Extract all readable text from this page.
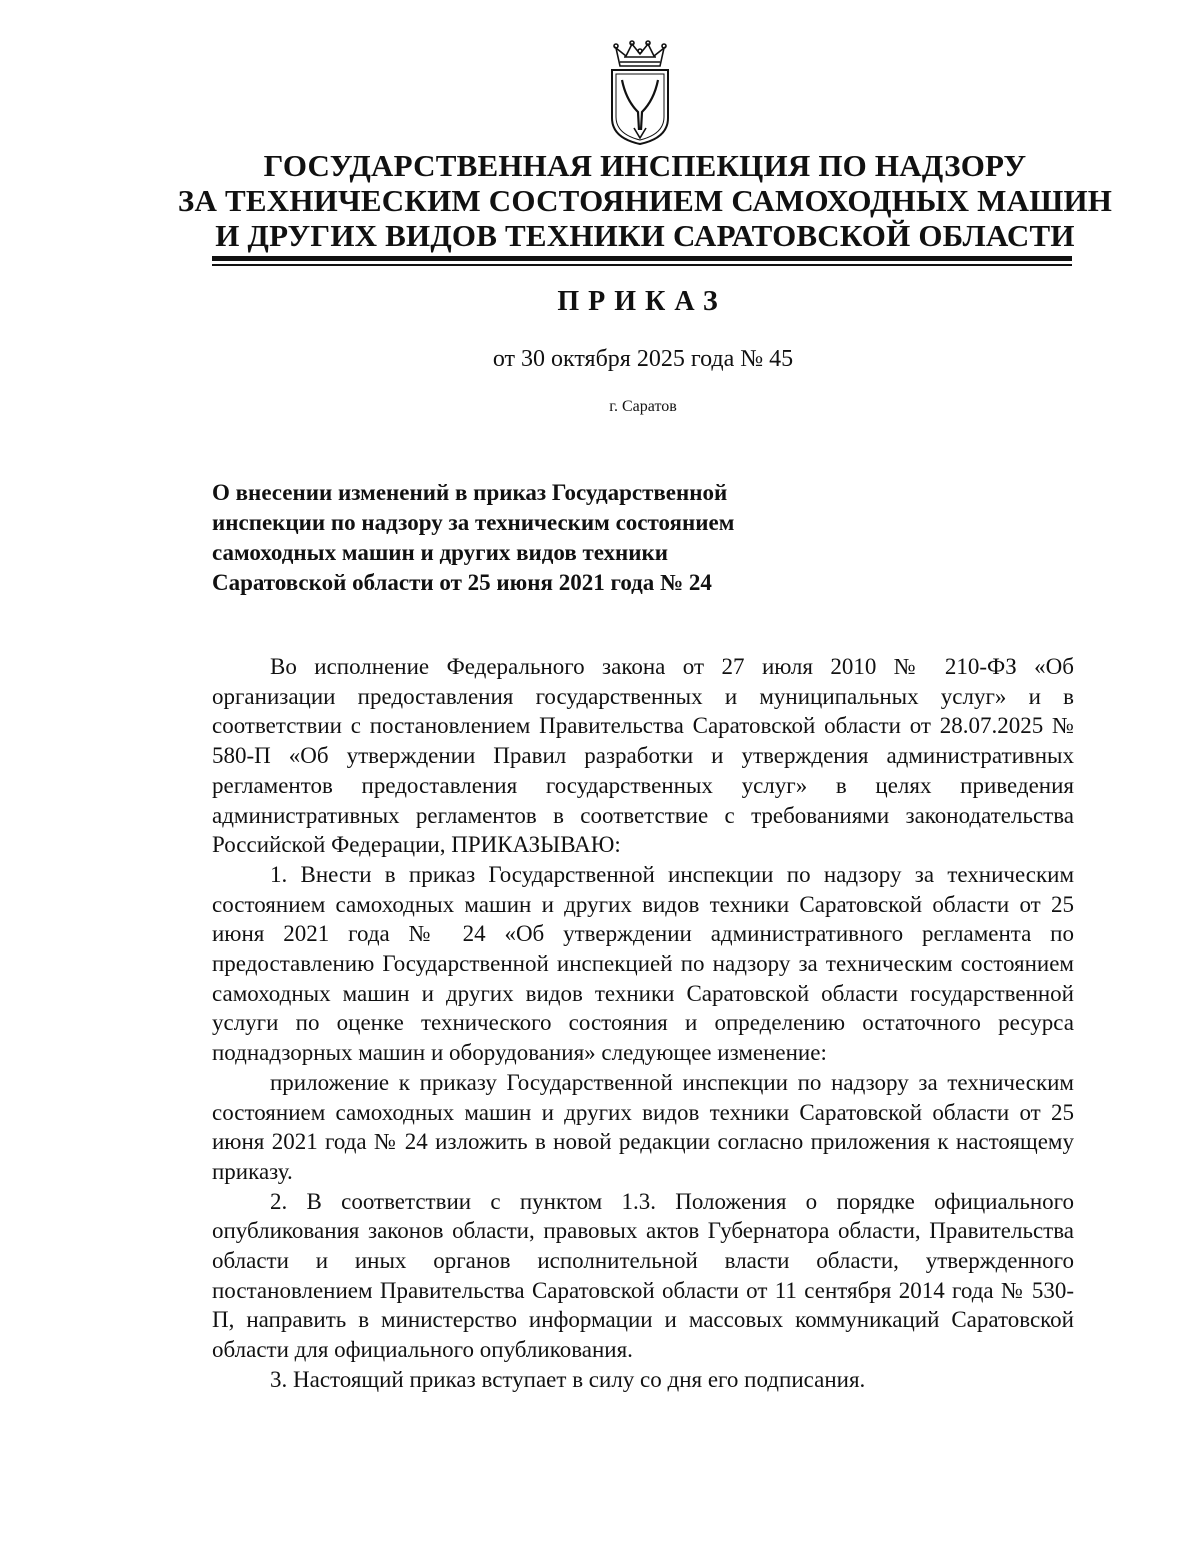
ГОСУДАРСТВЕННАЯ ИНСПЕКЦИЯ ПО НАДЗОРУ
ЗА ТЕХНИЧЕСКИМ СОСТОЯНИЕМ САМОХОДНЫХ МАШИН
И ДРУГИХ ВИДОВ ТЕХНИКИ САРАТОВСКОЙ ОБЛАСТИ
ПРИКАЗ
от 30 октября 2025 года № 45
г. Саратов
О внесении изменений в приказ Государственной
инспекции по надзору за техническим состоянием
самоходных машин и других видов техники
Саратовской области от 25 июня 2021 года № 24

Во исполнение Федерального закона от 27 июля 2010 № 210-ФЗ «Об организации предоставления государственных и муниципальных услуг» и в соответствии с постановлением Правительства Саратовской области от 28.07.2025 № 580-П «Об утверждении Правил разработки и утверждения административных регламентов предоставления государственных услуг» в целях приведения административных регламентов в соответствие с требованиями законодательства Российской Федерации, ПРИКАЗЫВАЮ:

1. Внести в приказ Государственной инспекции по надзору за техническим состоянием самоходных машин и других видов техники Саратовской области от 25 июня 2021 года № 24 «Об утверждении административного регламента по предоставлению Государственной инспекцией по надзору за техническим состоянием самоходных машин и других видов техники Саратовской области государственной услуги по оценке технического состояния и определению остаточного ресурса поднадзорных машин и оборудования» следующее изменение:

приложение к приказу Государственной инспекции по надзору за техническим состоянием самоходных машин и других видов техники Саратовской области от 25 июня 2021 года № 24 изложить в новой редакции согласно приложения к настоящему приказу.

2. В соответствии с пунктом 1.3. Положения о порядке официального опубликования законов области, правовых актов Губернатора области, Правительства области и иных органов исполнительной власти области, утвержденного постановлением Правительства Саратовской области от 11 сентября 2014 года № 530-П, направить в министерство информации и массовых коммуникаций Саратовской области для официального опубликования.

3. Настоящий приказ вступает в силу со дня его подписания.
